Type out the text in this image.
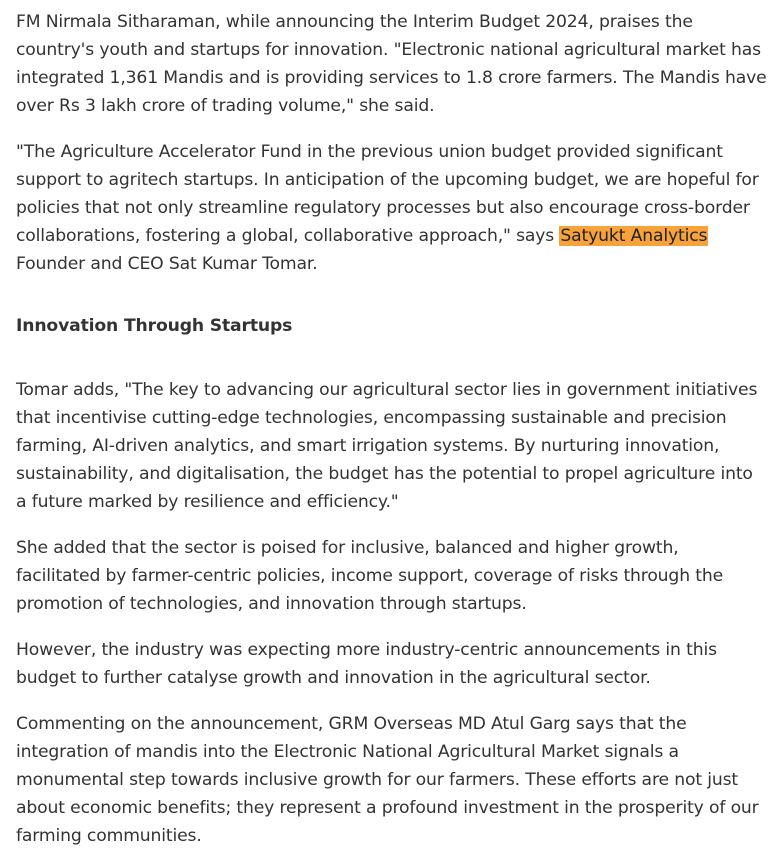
FM Nirmala Sitharaman, while announcing the Interim Budget 2024, praises the country's youth and startups for innovation. "Electronic national agricultural market has integrated 1,361 Mandis and is providing services to 1.8 crore farmers. The Mandis have over Rs 3 lakh crore of trading volume," she said.

"The Agriculture Accelerator Fund in the previous union budget provided significant support to agritech startups. In anticipation of the upcoming budget, we are hopeful for policies that not only streamline regulatory processes but also encourage cross-border collaborations, fostering a global, collaborative approach," says Satyukt Analytics Founder and CEO Sat Kumar Tomar.

Innovation Through Startups

Tomar adds, "The key to advancing our agricultural sector lies in government initiatives that incentivise cutting-edge technologies, encompassing sustainable and precision farming, AI-driven analytics, and smart irrigation systems. By nurturing innovation, sustainability, and digitalisation, the budget has the potential to propel agriculture into a future marked by resilience and efficiency."

She added that the sector is poised for inclusive, balanced and higher growth, facilitated by farmer-centric policies, income support, coverage of risks through the promotion of technologies, and innovation through startups.

However, the industry was expecting more industry-centric announcements in this budget to further catalyse growth and innovation in the agricultural sector.

Commenting on the announcement, GRM Overseas MD Atul Garg says that the integration of mandis into the Electronic National Agricultural Market signals a monumental step towards inclusive growth for our farmers. These efforts are not just about economic benefits; they represent a profound investment in the prosperity of our farming communities.
